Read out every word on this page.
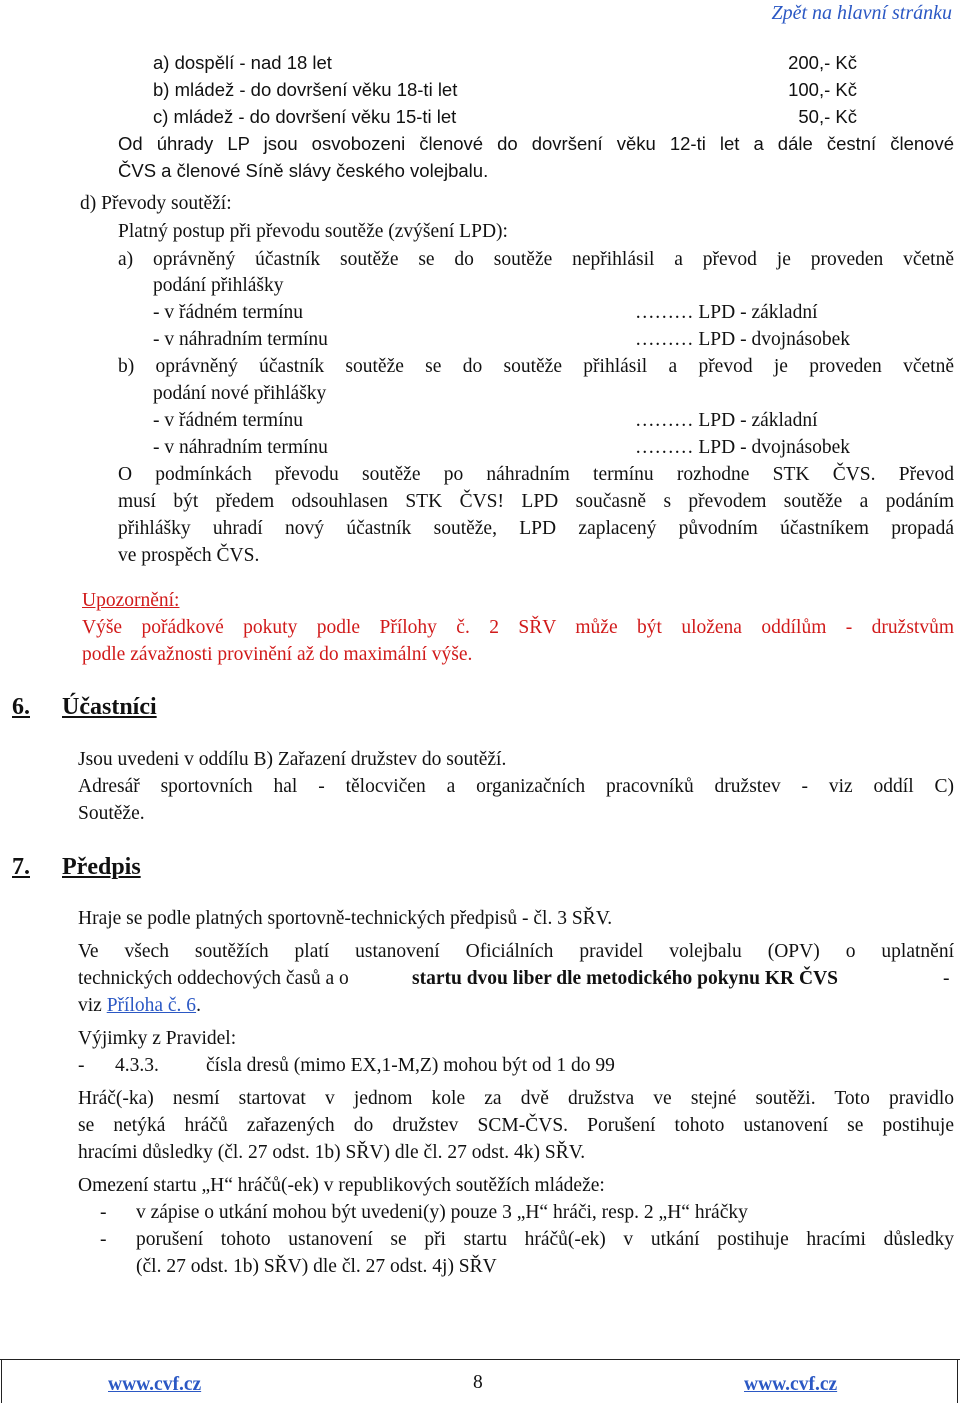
Zpět na hlavní stránku
a) dospělí - nad 18 let	200,- Kč
b) mládež - do dovršení věku 18-ti let	100,- Kč
c) mládež - do dovršení věku 15-ti let	50,- Kč
Od úhrady LP jsou osvobozeni členové do dovršení věku 12-ti let a dále čestní členové
ČVS a členové Síně slávy českého volejbalu.
d) Převody soutěží:
Platný postup při převodu soutěže (zvýšení LPD):
a) oprávněný účastník soutěže se do soutěže nepřihlásil a převod je proveden včetně
podání přihlášky
- v řádném termínu	……… LPD - základní
- v náhradním termínu	……… LPD - dvojnásobek
b) oprávněný účastník soutěže se do soutěže přihlásil a převod je proveden včetně
podání nové přihlášky
- v řádném termínu	……… LPD - základní
- v náhradním termínu	……… LPD - dvojnásobek
O podmínkách převodu soutěže po náhradním termínu rozhodne STK ČVS. Převod
musí být předem odsouhlasen STK ČVS! LPD současně s převodem soutěže a podáním
přihlášky uhradí nový účastník soutěže, LPD zaplacený původním účastníkem propadá
ve prospěch ČVS.
Upozornění:
Výše pořádkové pokuty podle Přílohy č. 2 SŘV může být uložena oddílům - družstvům
podle závažnosti provinění až do maximální výše.
6. Účastníci
Jsou uvedeni v oddílu B) Zařazení družstev do soutěží.
Adresář sportovních hal - tělocvičen a organizačních pracovníků družstev - viz oddíl C)
Soutěže.
7. Předpis
Hraje se podle platných sportovně-technických předpisů - čl. 3 SŘV.
Ve všech soutěžích platí ustanovení Oficiálních pravidel volejbalu (OPV) o uplatnění
technických oddechových časů a o	startu dvou liber dle metodického pokynu KR ČVS	-
viz Příloha č. 6.
Výjimky z Pravidel:
- 4.3.3. čísla dresů (mimo EX,1-M,Z) mohou být od 1 do 99
Hráč(-ka) nesmí startovat v jednom kole za dvě družstva ve stejné soutěži. Toto pravidlo
se netýká hráčů zařazených do družstev SCM-ČVS. Porušení tohoto ustanovení se postihuje
hracími důsledky (čl. 27 odst. 1b) SŘV) dle čl. 27 odst. 4k) SŘV.
Omezení startu „H“ hráčů(-ek) v republikových soutěžích mládeže:
- v zápise o utkání mohou být uvedeni(y) pouze 3 „H“ hráči, resp. 2 „H“ hráčky
- porušení tohoto ustanovení se při startu hráčů(-ek) v utkání postihuje hracími důsledky
(čl. 27 odst. 1b) SŘV) dle čl. 27 odst. 4j) SŘV
www.cvf.cz	8	www.cvf.cz
